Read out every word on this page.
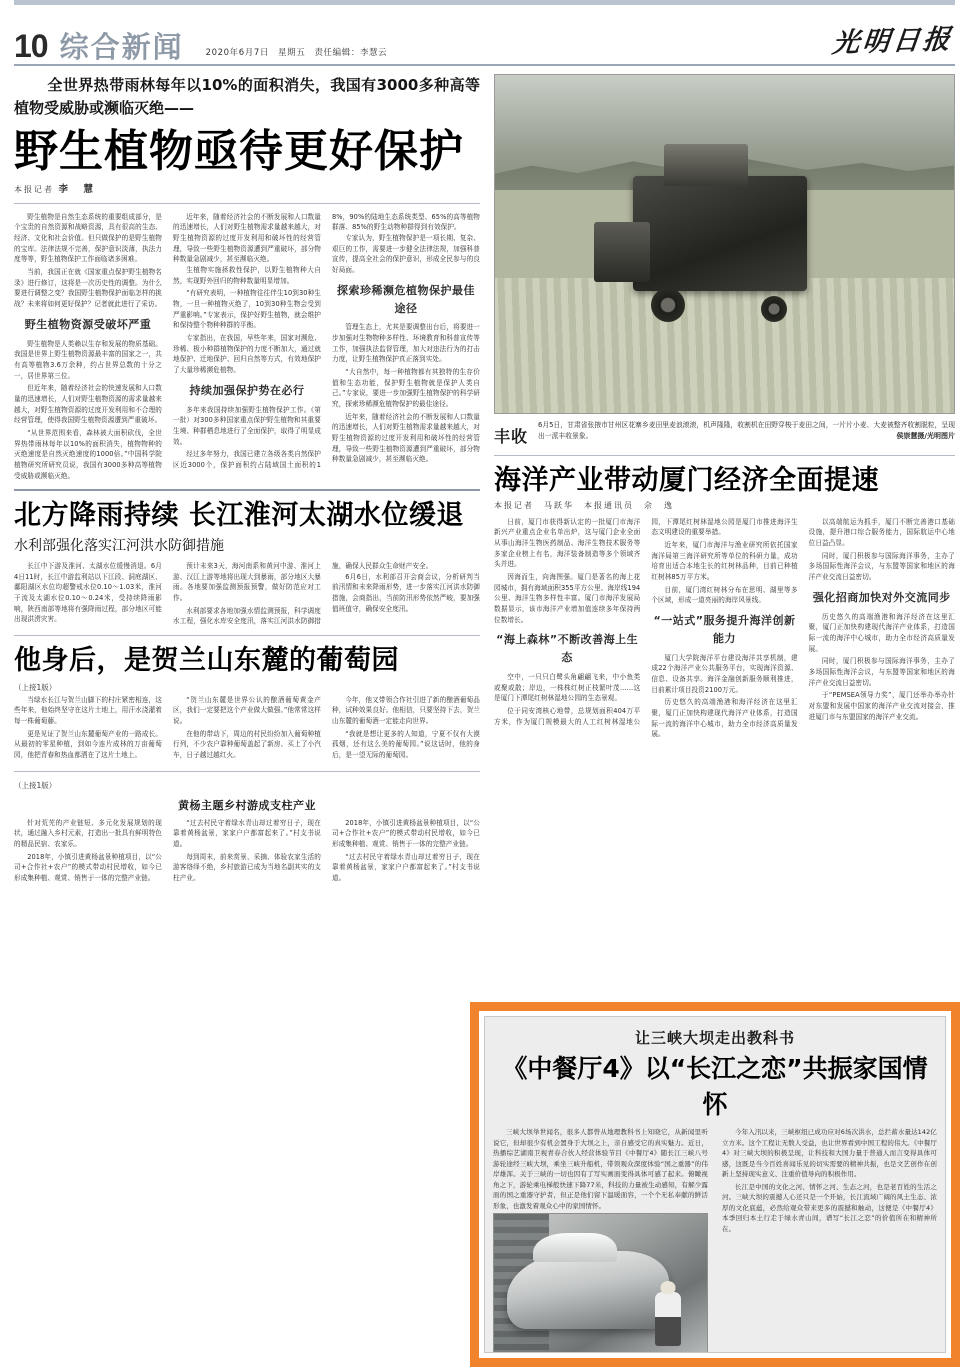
10 综合新闻	2020年6月7日　星期五　责任编辑：李慧云	光明日报
全世界热带雨林每年以10%的面积消失，我国有3000多种高等植物受威胁或濒临灭绝——
野生植物亟待更好保护
本报记者 李　慧

野生植物是自然生态系统的重要组成部分，是个宝贵的自然资源和战略资源，具有很高的生态、经济、文化和社会价值。但只做保护的是野生植物的宝库。法律法规不完善，保护意识淡薄，执法力度等等，野生植物保护工作面临诸多困难。

当前，我国正在就《国家重点保护野生植物名录》进行修订，这将是一次历史性的调整。为什么要进行调整之变？我国野生植物保护面临怎样的挑战？未来将如何更好保护？记者就此进行了采访。

野生植物资源受破坏严重

野生植物是人类赖以生存和发展的物质基础。我国是世界上野生植物资源最丰富的国家之一，共有高等植物3.6万余种，约占世界总数的十分之一，居世界第三位。

但近年来，随着经济社会的快速发展和人口数量的迅速增长，人们对野生植物资源的需求量越来越大，对野生植物资源的过度开发利用和不合理的经营管理，使得我国野生植物资源遭到严重破坏。

“从世界范围来看，森林被大面积砍伐，全世界热带雨林每年以10%的面积消失，植物物种的灭绝速度是自然灭绝速度的1000倍。”中国科学院植物研究所研究员说，我国有3000多种高等植物受威胁或濒临灭绝。

近年来，随着经济社会的不断发展和人口数量的迅速增长，人们对野生植物需求量越来越大，对野生植物资源的过度开发利用和破坏性的经营管理，导致一些野生植物资源遭到严重破坏，部分物种数量急剧减少，甚至濒临灭绝。

生植物实施拯救性保护，以野生植物种大自然，实现野外回归的物种数量明显增加。

“有研究表明，一种植物往往伴生10到30种生物，一旦一种植物灭绝了，10到30种生物会受到严重影响。”专家表示，保护好野生植物，就会维护和保持整个物种种群的平衡。

专家指出，在我国，早些年来，国家对濒危、珍稀、极小种群植物保护的力度不断加大，通过就地保护、迁地保护、回归自然等方式，有效地保护了大量珍稀濒危植物。

持续加强保护势在必行

多年来我国持续加强野生植物保护工作。《第一批）对300多种国家重点保护野生植物和其重要生境、种群栖息地进行了全面保护，取得了明显成效。

经过多年努力，我国已建立各级各类自然保护区近3000个，保护面积约占陆域国土面积的18%，90%的陆地生态系统类型、65%的高等植物群落、85%的野生动物种群得到有效保护。

专家认为，野生植物保护是一项长期、复杂、艰巨的工作，需要进一步健全法律法规，加强科普宣传，提高全社会的保护意识，形成全民参与的良好局面。

探索珍稀濒危植物保护最佳途径

管理生态上，尤其是要调整出台后，将要进一步加强对生物物种多样性、环境教育和科普宣传等工作，加强执法监督管理，加大对违法行为的打击力度，让野生植物保护真正落到实处。

“大自然中，每一种植物都有其独特的生存价值和生态功能，保护野生植物就是保护人类自己。”专家说，要进一步加强野生植物保护的科学研究，探索珍稀濒危植物保护的最佳途径。

近年来，随着经济社会的不断发展和人口数量的迅速增长，人们对野生植物需求量越来越大，对野生植物资源的过度开发利用和破坏性的经营管理，导致一些野生植物资源遭到严重破坏，部分物种数量急剧减少，甚至濒临灭绝。

北方降雨持续 长江淮河太湖水位缓退
水利部强化落实江河洪水防御措施

长江中下游及淮河、太湖水位缓慢消退。6月4日11时，长江中游监利站以下江段、洞庭湖区、鄱阳湖区水位均超警戒水位0.10～1.03米，淮河干流及太湖水位0.10～0.24米，受持续降雨影响，陕西南部等地将有强降雨过程，部分地区可能出现洪涝灾害。

预计未来3天，海河南系和黄河中游、淮河上游、汉江上游等地将出现大到暴雨，部分地区大暴雨。各地要加强监测预报预警，做好防范应对工作。

水利部要求各地加强水情监测预报，科学调度水工程，强化水库安全度汛，落实江河洪水防御措施，确保人民群众生命财产安全。

6月6日，水利部召开会商会议，分析研判当前汛情和未来降雨形势，进一步落实江河洪水防御措施，会商指出，当前防汛形势依然严峻，要加强值班值守，确保安全度汛。

他身后，是贺兰山东麓的葡萄园
（上接1版）

当绿水长江与贺兰山脚下的村庄紧密相连，这些年来，他始终坚守在这片土地上，用汗水浇灌着每一株葡萄藤。

更是见证了贺兰山东麓葡萄产业的一路成长。从最初的零星种植，到如今连片成林的万亩葡萄园，他把青春和热血都洒在了这片土地上。

“贺兰山东麓是世界公认的酿酒葡萄黄金产区，我们一定要把这个产业做大做强。”他常常这样说。

在他的带动下，周边的村民纷纷加入葡萄种植行列，不少农户靠种葡萄盖起了新房、买上了小汽车，日子越过越红火。

今年，他又带领合作社引进了新的酿酒葡萄品种，试种效果良好。他相信，只要坚持下去，贺兰山东麓的葡萄酒一定能走向世界。

“我就是想让更多的人知道，宁夏不仅有大漠孤烟，还有这么美的葡萄园。”说这话时，他的身后，是一望无际的葡萄园。

（上接1版）
黄杨主题乡村游成支柱产业

针对荒芜的产业链短、多元化发展规划的现状，通过融入乡村元素，打造出一批具有鲜明特色的精品民宿、农家乐。

2018年，小镇引进黄杨盆景种植项目，以“公司+合作社+农户”的模式带动村民增收，如今已形成集种植、观赏、销售于一体的完整产业链。

“过去村民守着绿水青山却过着穷日子，现在靠着黄杨盆景，家家户户都富起来了。”村支书说道。

每到周末，前来赏景、采摘、体验农家生活的游客络绎不绝，乡村旅游已成为当地名副其实的支柱产业。

2018年，小镇引进黄杨盆景种植项目，以“公司+合作社+农户”的模式带动村民增收，如今已形成集种植、观赏、销售于一体的完整产业链。

“过去村民守着绿水青山却过着穷日子，现在靠着黄杨盆景，家家户户都富起来了。”村支书说道。

丰收
6月5日，甘肃省张掖市甘州区花寨乡麦田里麦浪滚滚，机声隆隆，收割机在田野穿梭于麦田之间，一片片小麦、大麦被整齐收割脱粒，呈现出一派丰收景象。	侯崇慧摄/光明图片
海洋产业带动厦门经济全面提速
本报记者　马跃华　本报通讯员　佘　逸

日前，厦门市获得新认定的一批厦门市海洋新兴产业重点企业名单出炉，这与厦门企业全面从事山海洋生物医药制品、海洋生物技术服务等多家企业榜上有名，海洋装备制造等多个领域齐头并进。

因海而生，向海图强。厦门是著名的海上花园城市，拥有海域面积355平方公里、海岸线194公里、海洋生物多样性丰富。厦门市海洋发展局数据显示，该市海洋产业增加值连续多年保持两位数增长。

“海上森林”不断改善海上生态

空中，一只只白鹭头角翩翩飞来，中小鱼类或聚或散；岸边，一株株红树正枝繁叶茂……这是厦门下潭尾红树林湿地公园的生态景观。

位于同安湾核心地带，总规划面积404万平方米，作为厦门规模最大的人工红树林湿地公园，下潭尾红树林湿地公园是厦门市推进海洋生态文明建设的重要举措。

近年来，厦门市海洋与渔业研究所依托国家海洋局第三海洋研究所等单位的科研力量，成功培育出适合本地生长的红树林品种，目前已种植红树林85万平方米。

目前，厦门湾红树林分布在思明、湖里等多个区域，形成一道亮丽的海岸风景线。

“一站式”服务提升海洋创新能力

厦门大学院海洋平台建设海洋共享机制，建成22个海洋产业公共服务平台，实现海洋资源、信息、设备共享。海洋金融创新服务顺利推进，目前累计项目投资2100万元。

历史悠久的高端渔港和海洋经济在这里汇聚，厦门正加快构建现代海洋产业体系，打造国际一流的海洋中心城市，助力全市经济高质量发展。

以高端航运为抓手，厦门不断完善港口基础设施，提升港口综合服务能力，国际航运中心地位日益凸显。

同时，厦门积极参与国际海洋事务，主办了多场国际性海洋会议，与东盟等国家和地区的海洋产业交流日益密切。

强化招商加快对外交流同步

历史悠久的高端渔港和海洋经济在这里汇聚，厦门正加快构建现代海洋产业体系，打造国际一流的海洋中心城市，助力全市经济高质量发展。

同时，厦门积极参与国际海洋事务，主办了多场国际性海洋会议，与东盟等国家和地区的海洋产业交流日益密切。

于“PEMSEA领导力奖”，厦门还举办举办针对东盟和发展中国家的海洋产业交流对接会，推进厦门市与东盟国家的海洋产业交流。

让三峡大坝走出教科书
《中餐厅4》以“长江之恋”共振家国情怀

三峡大坝举世闻名，很多人都曾从地理教科书上知晓它，从新闻里听说它，但却很少有机会置身于大坝之上，亲自感受它的真实魅力。近日，热播综艺湖南卫视青春合伙人经营体验节目《中餐厅4》随长江三峡八号游轮途经三峡大坝，乘坐三峡升船机，带领观众深度体验“国之重器”的伟岸雄浑。关于三峡的一切也因有了写实画面变得具体可感了起来。俯瞰视角之下，游轮乘电梯般快速下降77米，科技的力量被生动感知，有解少露面的国之重器守护者，但正是他们留下温暖面容，一个个无私奉献的鲜活形象，也激发着观众心中的家国情怀。

今年入汛以来，三峡枢纽已成功应对6场次洪水，总拦蓄水量达142亿立方米。这个工程让无数人受益，也让世界看到中国工程的伟大。《中餐厅4》对三峡大坝的积极呈现，让科技和大国力量于普通人而言变得具体可感，这既是当今百姓喜闻乐见的切实需要的精神共振，也是文艺创作在创新上坚持现实意义、注重价值导向的积极作用。

长江是中国的文化之河、情怀之河、生态之河，也是老百姓的生活之河。三峡大坝的震撼人心还只是一个开始，长江流域广阔的风土生态、浓厚的文化底蕴，必然给观众带来更多的震撼和触动，这便是《中餐厅4》本季回归本土行走于绿水青山间，谱写“长江之恋”的价值所在和精神所在。
